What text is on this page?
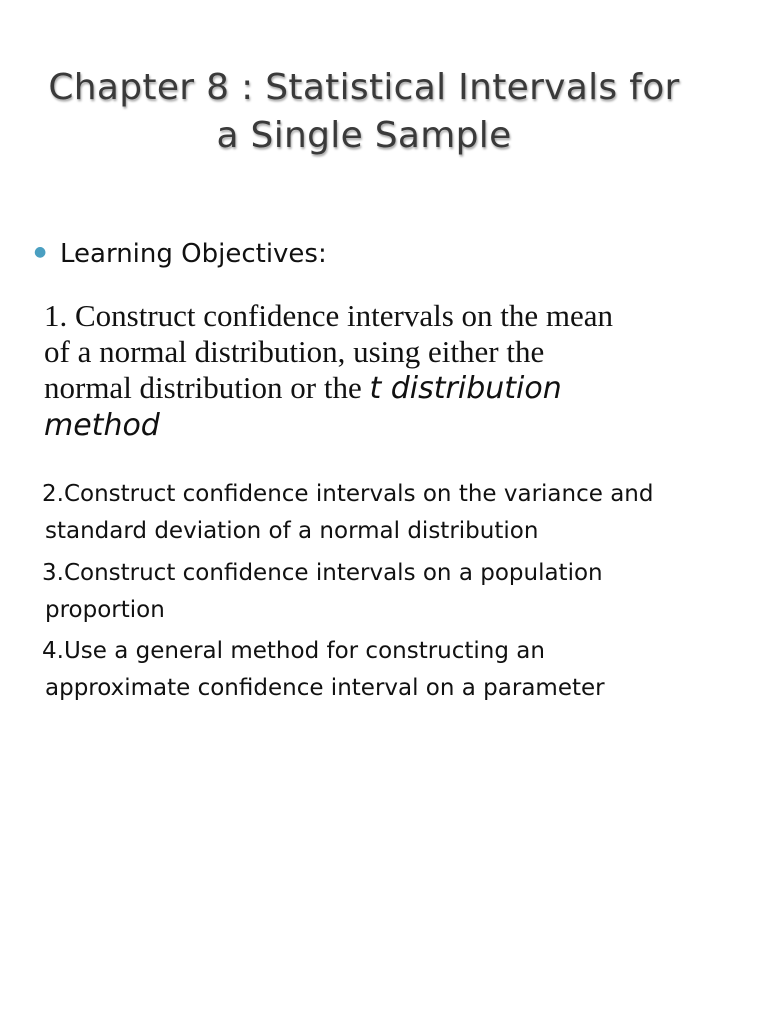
Chapter 8 : Statistical Intervals for
a Single Sample
● Learning Objectives:
1. Construct confidence intervals on the mean
of a normal distribution, using either the
normal distribution or the t distribution
method
2.Construct confidence intervals on the variance and
standard deviation of a normal distribution
3.Construct confidence intervals on a population
proportion
4.Use a general method for constructing an
approximate confidence interval on a parameter
